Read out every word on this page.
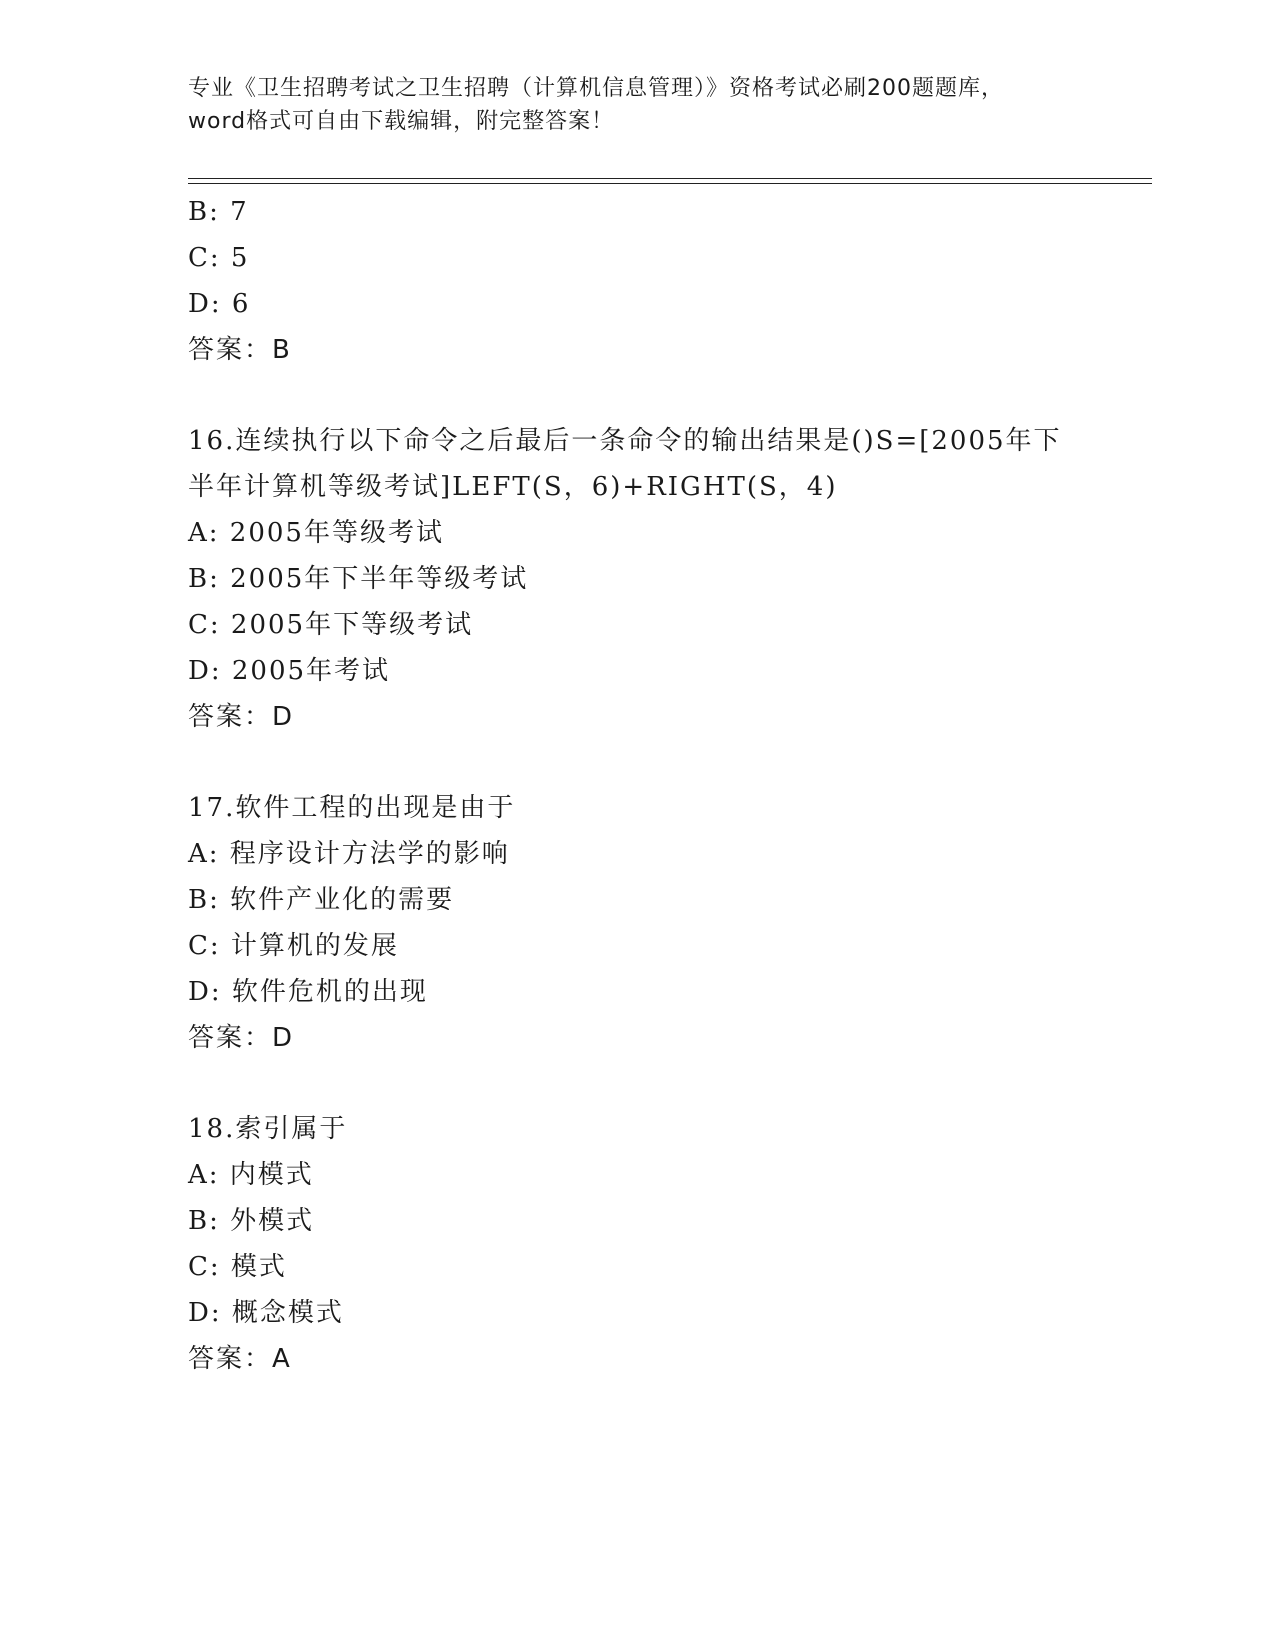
专业《卫生招聘考试之卫生招聘（计算机信息管理）》资格考试必刷200题题库，

word格式可自由下载编辑，附完整答案！

B: 7
C: 5
D: 6
答案：B
16.连续执行以下命令之后最后一条命令的输出结果是()S=[2005年下
半年计算机等级考试]LEFT(S，6)+RIGHT(S，4)
A: 2005年等级考试
B: 2005年下半年等级考试
C: 2005年下等级考试
D: 2005年考试
答案：D
17.软件工程的出现是由于
A: 程序设计方法学的影响
B: 软件产业化的需要
C: 计算机的发展
D: 软件危机的出现
答案：D
18.索引属于
A: 内模式
B: 外模式
C: 模式
D: 概念模式
答案：A
